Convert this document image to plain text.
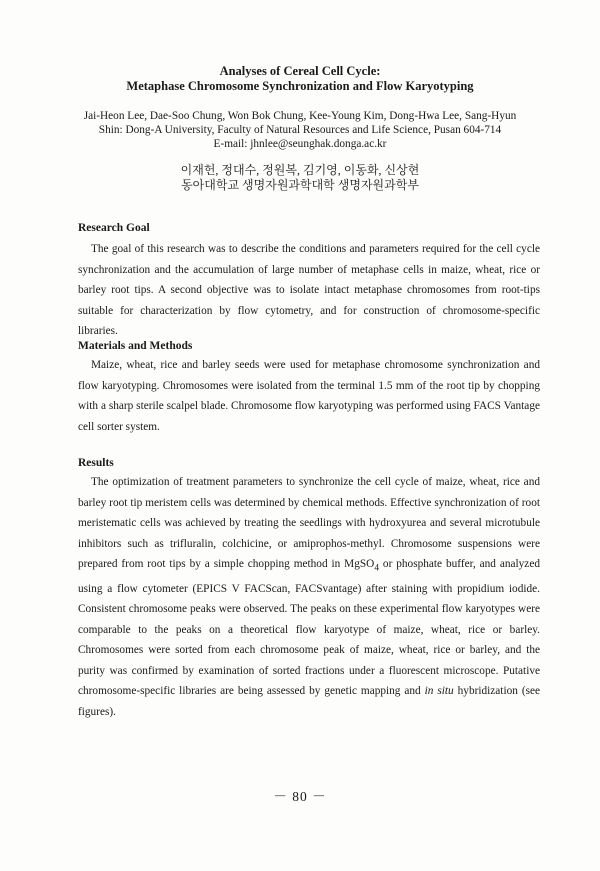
Analyses of Cereal Cell Cycle:

Metaphase Chromosome Synchronization and Flow Karyotyping

Jai-Heon Lee, Dae-Soo Chung, Won Bok Chung, Kee-Young Kim, Dong-Hwa Lee, Sang-Hyun

Shin: Dong-A University, Faculty of Natural Resources and Life Science, Pusan 604-714

E-mail: jhnlee@seunghak.donga.ac.kr

이재헌, 정대수, 정원복, 김기영, 이동화, 신상현

동아대학교 생명자원과학대학 생명자원과학부

Research Goal

The goal of this research was to describe the conditions and parameters required for the cell cycle synchronization and the accumulation of large number of metaphase cells in maize, wheat, rice or barley root tips. A second objective was to isolate intact metaphase chromosomes from root-tips suitable for characterization by flow cytometry, and for construction of chromosome-specific libraries.

Materials and Methods

Maize, wheat, rice and barley seeds were used for metaphase chromosome synchronization and flow karyotyping. Chromosomes were isolated from the terminal 1.5 mm of the root tip by chopping with a sharp sterile scalpel blade. Chromosome flow karyotyping was performed using FACS Vantage cell sorter system.

Results

The optimization of treatment parameters to synchronize the cell cycle of maize, wheat, rice and barley root tip meristem cells was determined by chemical methods. Effective synchronization of root meristematic cells was achieved by treating the seedlings with hydroxyurea and several microtubule inhibitors such as trifluralin, colchicine, or amiprophos-methyl. Chromosome suspensions were prepared from root tips by a simple chopping method in MgSO$_4$ or phosphate buffer, and analyzed using a flow cytometer (EPICS V FACScan, FACSvantage) after staining with propidium iodide. Consistent chromosome peaks were observed. The peaks on these experimental flow karyotypes were comparable to the peaks on a theoretical flow karyotype of maize, wheat, rice or barley. Chromosomes were sorted from each chromosome peak of maize, wheat, rice or barley, and the purity was confirmed by examination of sorted fractions under a fluorescent microscope. Putative chromosome-specific libraries are being assessed by genetic mapping and in situ hybridization (see figures).

－ 80 －
